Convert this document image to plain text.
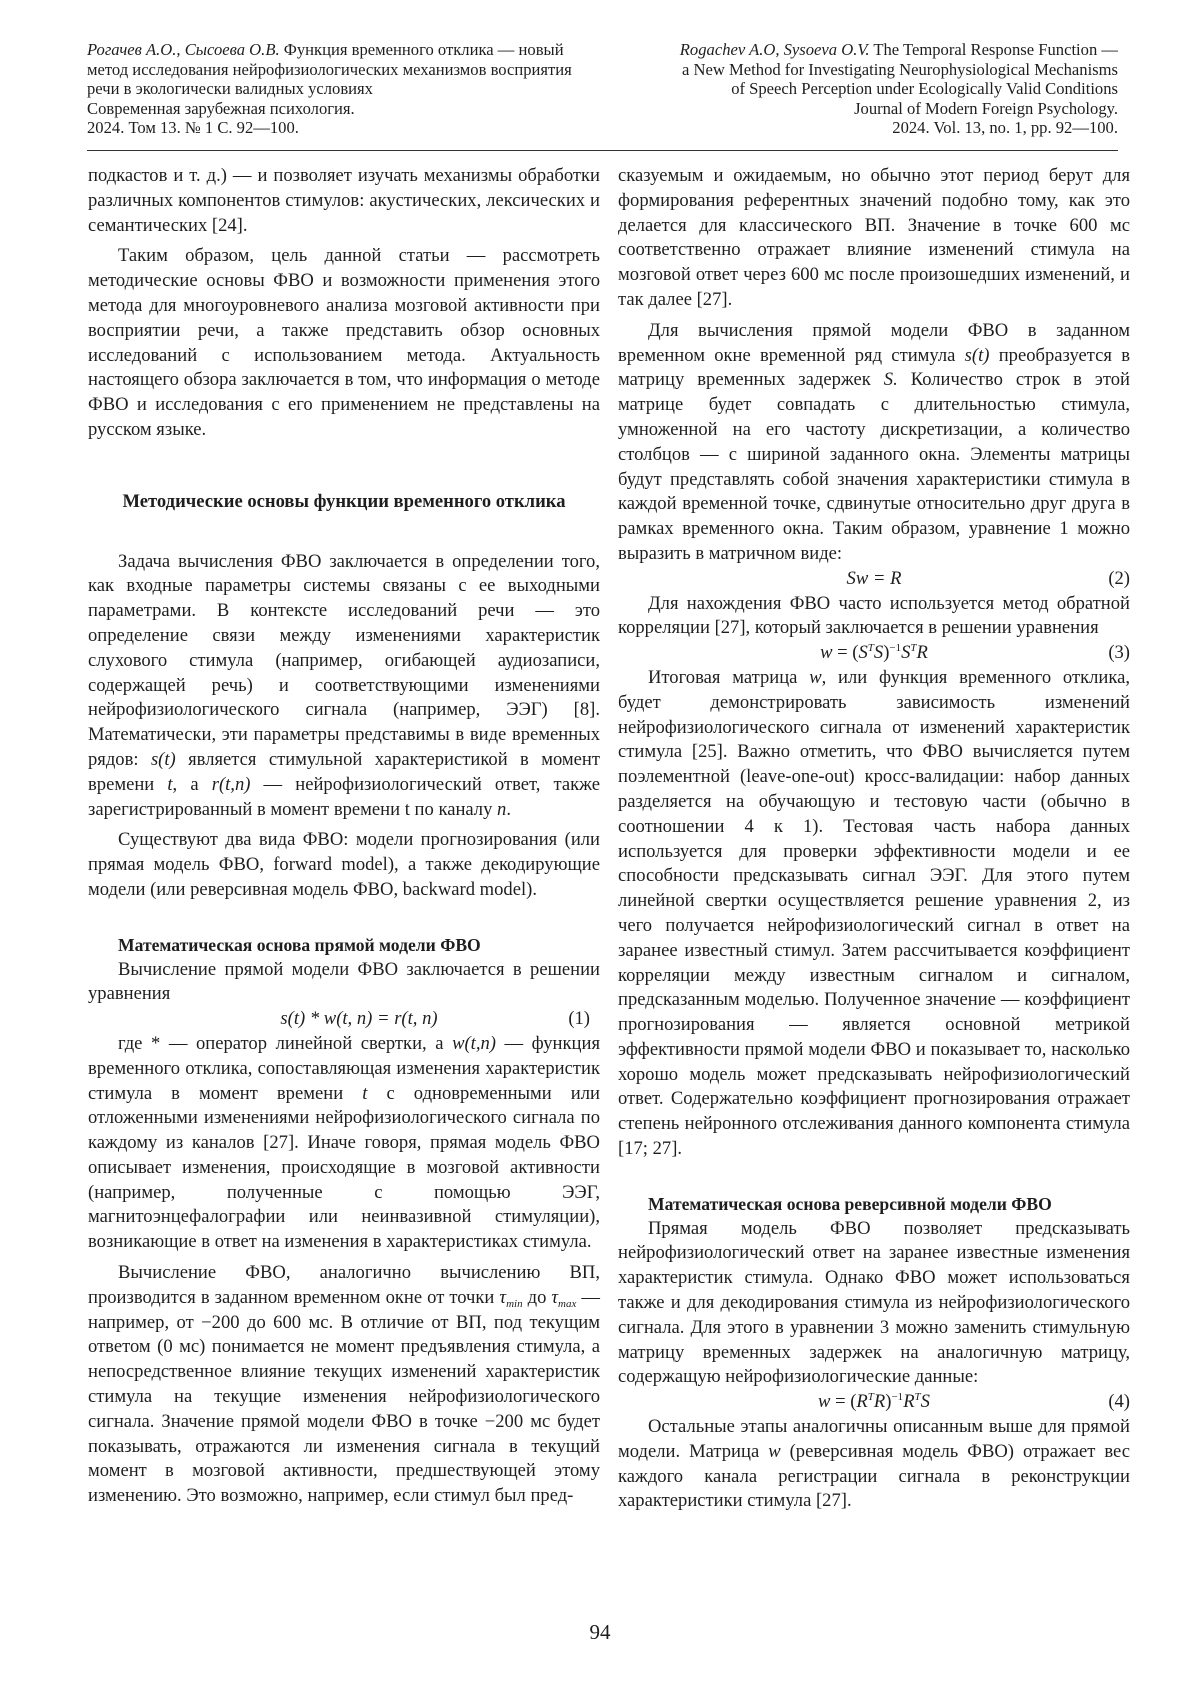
Рогачев А.О., Сысоева О.В. Функция временного отклика — новый метод исследования нейрофизиологических механизмов восприятия речи в экологически валидных условиях
Современная зарубежная психология.
2024. Том 13. № 1 С. 92—100.
Rogachev A.O, Sysoeva O.V. The Temporal Response Function —
a New Method for Investigating Neurophysiological Mechanisms
of Speech Perception under Ecologically Valid Conditions
Journal of Modern Foreign Psychology.
2024. Vol. 13, no. 1, pp. 92—100.

подкастов и т. д.) — и позволяет изучать механизмы обработки различных компонентов стимулов: акустических, лексических и семантических [24].

Таким образом, цель данной статьи — рассмотреть методические основы ФВО и возможности применения этого метода для многоуровневого анализа мозговой активности при восприятии речи, а также представить обзор основных исследований с использованием метода. Актуальность настоящего обзора заключается в том, что информация о методе ФВО и исследования с его применением не представлены на русском языке.

Методические основы функции временного отклика

Задача вычисления ФВО заключается в определении того, как входные параметры системы связаны с ее выходными параметрами. В контексте исследований речи — это определение связи между изменениями характеристик слухового стимула (например, огибающей аудиозаписи, содержащей речь) и соответствующими изменениями нейрофизиологического сигнала (например, ЭЭГ) [8]. Математически, эти параметры представимы в виде временных рядов: s(t) является стимульной характеристикой в момент времени t, а r(t,n) — нейрофизиологический ответ, также зарегистрированный в момент времени t по каналу n.

Существуют два вида ФВО: модели прогнозирования (или прямая модель ФВО, forward model), а также декодирующие модели (или реверсивная модель ФВО, backward model).

Математическая основа прямой модели ФВО

Вычисление прямой модели ФВО заключается в решении уравнения

s(t) * w(t, n) = r(t, n)	(1)

где * — оператор линейной свертки, а w(t,n) — функция временного отклика, сопоставляющая изменения характеристик стимула в момент времени t с одновременными или отложенными изменениями нейрофизиологического сигнала по каждому из каналов [27]. Иначе говоря, прямая модель ФВО описывает изменения, происходящие в мозговой активности (например, полученные с помощью ЭЭГ, магнитоэнцефалографии или неинвазивной стимуляции), возникающие в ответ на изменения в характеристиках стимула.

Вычисление ФВО, аналогично вычислению ВП, производится в заданном временном окне от точки $\tau_{min}$ до $\tau_{max}$ — например, от −200 до 600 мс. В отличие от ВП, под текущим ответом (0 мс) понимается не момент предъявления стимула, а непосредственное влияние текущих изменений характеристик стимула на текущие изменения нейрофизиологического сигнала. Значение прямой модели ФВО в точке −200 мс будет показывать, отражаются ли изменения сигнала в текущий момент в мозговой активности, предшествующей этому изменению. Это возможно, например, если стимул был пред-

сказуемым и ожидаемым, но обычно этот период берут для формирования референтных значений подобно тому, как это делается для классического ВП. Значение в точке 600 мс соответственно отражает влияние изменений стимула на мозговой ответ через 600 мс после произошедших изменений, и так далее [27].

Для вычисления прямой модели ФВО в заданном временном окне временной ряд стимула s(t) преобразуется в матрицу временных задержек S. Количество строк в этой матрице будет совпадать с длительностью стимула, умноженной на его частоту дискретизации, а количество столбцов — с шириной заданного окна. Элементы матрицы будут представлять собой значения характеристики стимула в каждой временной точке, сдвинутые относительно друг друга в рамках временного окна. Таким образом, уравнение 1 можно выразить в матричном виде:

Sw = R	(2)

Для нахождения ФВО часто используется метод обратной корреляции [27], который заключается в решении уравнения

$w = (S^TS)^{-1}S^TR$	(3)

Итоговая матрица w, или функция временного отклика, будет демонстрировать зависимость изменений нейрофизиологического сигнала от изменений характеристик стимула [25]. Важно отметить, что ФВО вычисляется путем поэлементной (leave-one-out) кросс-валидации: набор данных разделяется на обучающую и тестовую части (обычно в соотношении 4 к 1). Тестовая часть набора данных используется для проверки эффективности модели и ее способности предсказывать сигнал ЭЭГ. Для этого путем линейной свертки осуществляется решение уравнения 2, из чего получается нейрофизиологический сигнал в ответ на заранее известный стимул. Затем рассчитывается коэффициент корреляции между известным сигналом и сигналом, предсказанным моделью. Полученное значение — коэффициент прогнозирования — является основной метрикой эффективности прямой модели ФВО и показывает то, насколько хорошо модель может предсказывать нейрофизиологический ответ. Содержательно коэффициент прогнозирования отражает степень нейронного отслеживания данного компонента стимула [17; 27].

Математическая основа реверсивной модели ФВО

Прямая модель ФВО позволяет предсказывать нейрофизиологический ответ на заранее известные изменения характеристик стимула. Однако ФВО может использоваться также и для декодирования стимула из нейрофизиологического сигнала. Для этого в уравнении 3 можно заменить стимульную матрицу временных задержек на аналогичную матрицу, содержащую нейрофизиологические данные:

$w = (R^TR)^{-1}R^TS$	(4)

Остальные этапы аналогичны описанным выше для прямой модели. Матрица w (реверсивная модель ФВО) отражает вес каждого канала регистрации сигнала в реконструкции характеристики стимула [27].

94
